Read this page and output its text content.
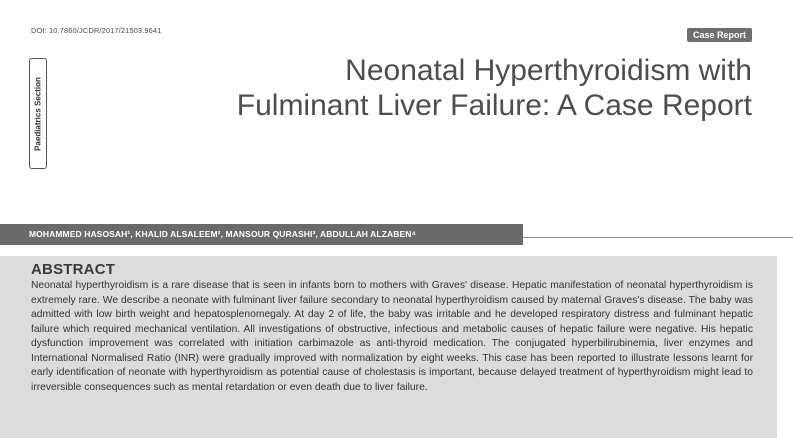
DOI: 10.7860/JCDR/2017/21503.9641	Case Report
Paediatrics Section
Neonatal Hyperthyroidism with Fulminant Liver Failure: A Case Report
MOHAMMED HASOSAH¹, KHALID ALSALEEM², MANSOUR QURASHI³, ABDULLAH ALZABEN⁴
ABSTRACT

Neonatal hyperthyroidism is a rare disease that is seen in infants born to mothers with Graves' disease. Hepatic manifestation of neonatal hyperthyroidism is extremely rare. We describe a neonate with fulminant liver failure secondary to neonatal hyperthyroidism caused by maternal Graves's disease. The baby was admitted with low birth weight and hepatosplenomegaly. At day 2 of life, the baby was irritable and he developed respiratory distress and fulminant hepatic failure which required mechanical ventilation. All investigations of obstructive, infectious and metabolic causes of hepatic failure were negative. His hepatic dysfunction improvement was correlated with initiation carbimazole as anti-thyroid medication. The conjugated hyperbilirubinemia, liver enzymes and International Normalised Ratio (INR) were gradually improved with normalization by eight weeks. This case has been reported to illustrate lessons learnt for early identification of neonate with hyperthyroidism as potential cause of cholestasis is important, because delayed treatment of hyperthyroidism might lead to irreversible consequences such as mental retardation or even death due to liver failure.
